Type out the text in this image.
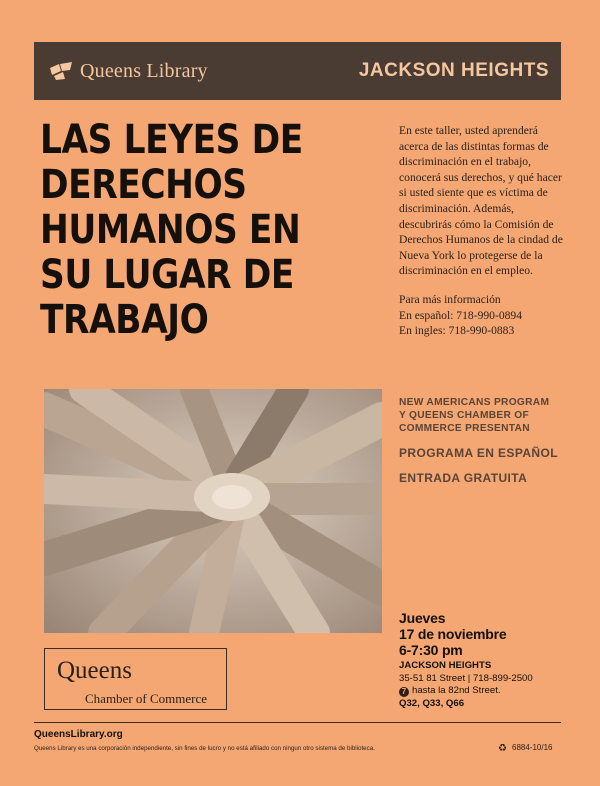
Queens Library	JACKSON HEIGHTS
LAS LEYES DE
DERECHOS
HUMANOS EN
SU LUGAR DE
TRABAJO
En este taller, usted aprenderá acerca de las distintas formas de discriminación en el trabajo, conocerá sus derechos, y qué hacer si usted siente que es víctima de discriminación. Además, descubrirás cómo la Comisión de Derechos Humanos de la cindad de Nueva York lo protegerse de la discriminación en el empleo.
Para más información
En español: 718-990-0894
En ingles: 718-990-0883
NEW AMERICANS PROGRAM
Y QUEENS CHAMBER OF
COMMERCE PRESENTAN
PROGRAMA EN ESPAÑOL
ENTRADA GRATUITA
Jueves
17 de noviembre
6-7:30 pm
JACKSON HEIGHTS
35-51 81 Street | 718-899-2500
7 hasta la 82nd Street.
Q32, Q33, Q66
Queens
Chamber of Commerce
QueensLibrary.org
Queens Library es una corporación independiente, sin fines de lucro y no está afiliado con ningun otro sistema de biblioteca.	♻ 6884-10/16
